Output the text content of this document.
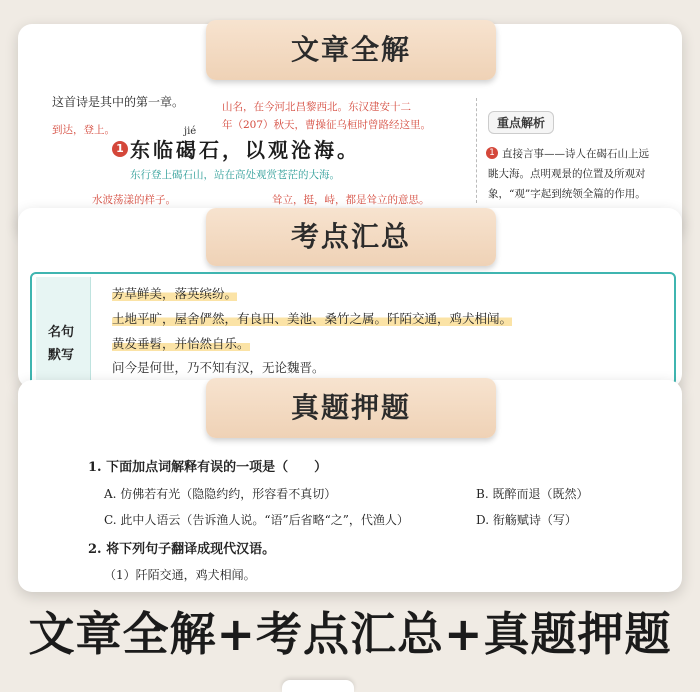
文章全解
这首诗是其中的第一章。	山名，在今河北昌黎西北。东汉建安十二
年（207）秋天，曹操征乌桓时曾路经这里。
到达，登上。	jié
1 东临碣石，以观沧海。
东行登上碣石山，站在高处观赏苍茫的大海。
水波荡漾的样子。	耸立，挺，峙，都是耸立的意思。
重点解析
1 直接言事——诗人在碣石山上远
眺大海。点明观景的位置及所观对
象，“观”字起到统领全篇的作用。
考点汇总
名句
默写
芳草鲜美，落英缤纷。
土地平旷，屋舍俨然，有良田、美池、桑竹之属。阡陌交通，鸡犬相闻。
黄发垂髫，并怡然自乐。
问今是何世，乃不知有汉，无论魏晋。
真题押题
1. 下面加点词解释有误的一项是（　　）
A. 仿佛若有光（隐隐约约，形容看不真切）	B. 既醉而退（既然）
C. 此中人语云（告诉渔人说。“语”后省略“之”，代渔人）	D. 衔觞赋诗（写）
2. 将下列句子翻译成现代汉语。
（1）阡陌交通，鸡犬相闻。
文章全解+考点汇总+真题押题
